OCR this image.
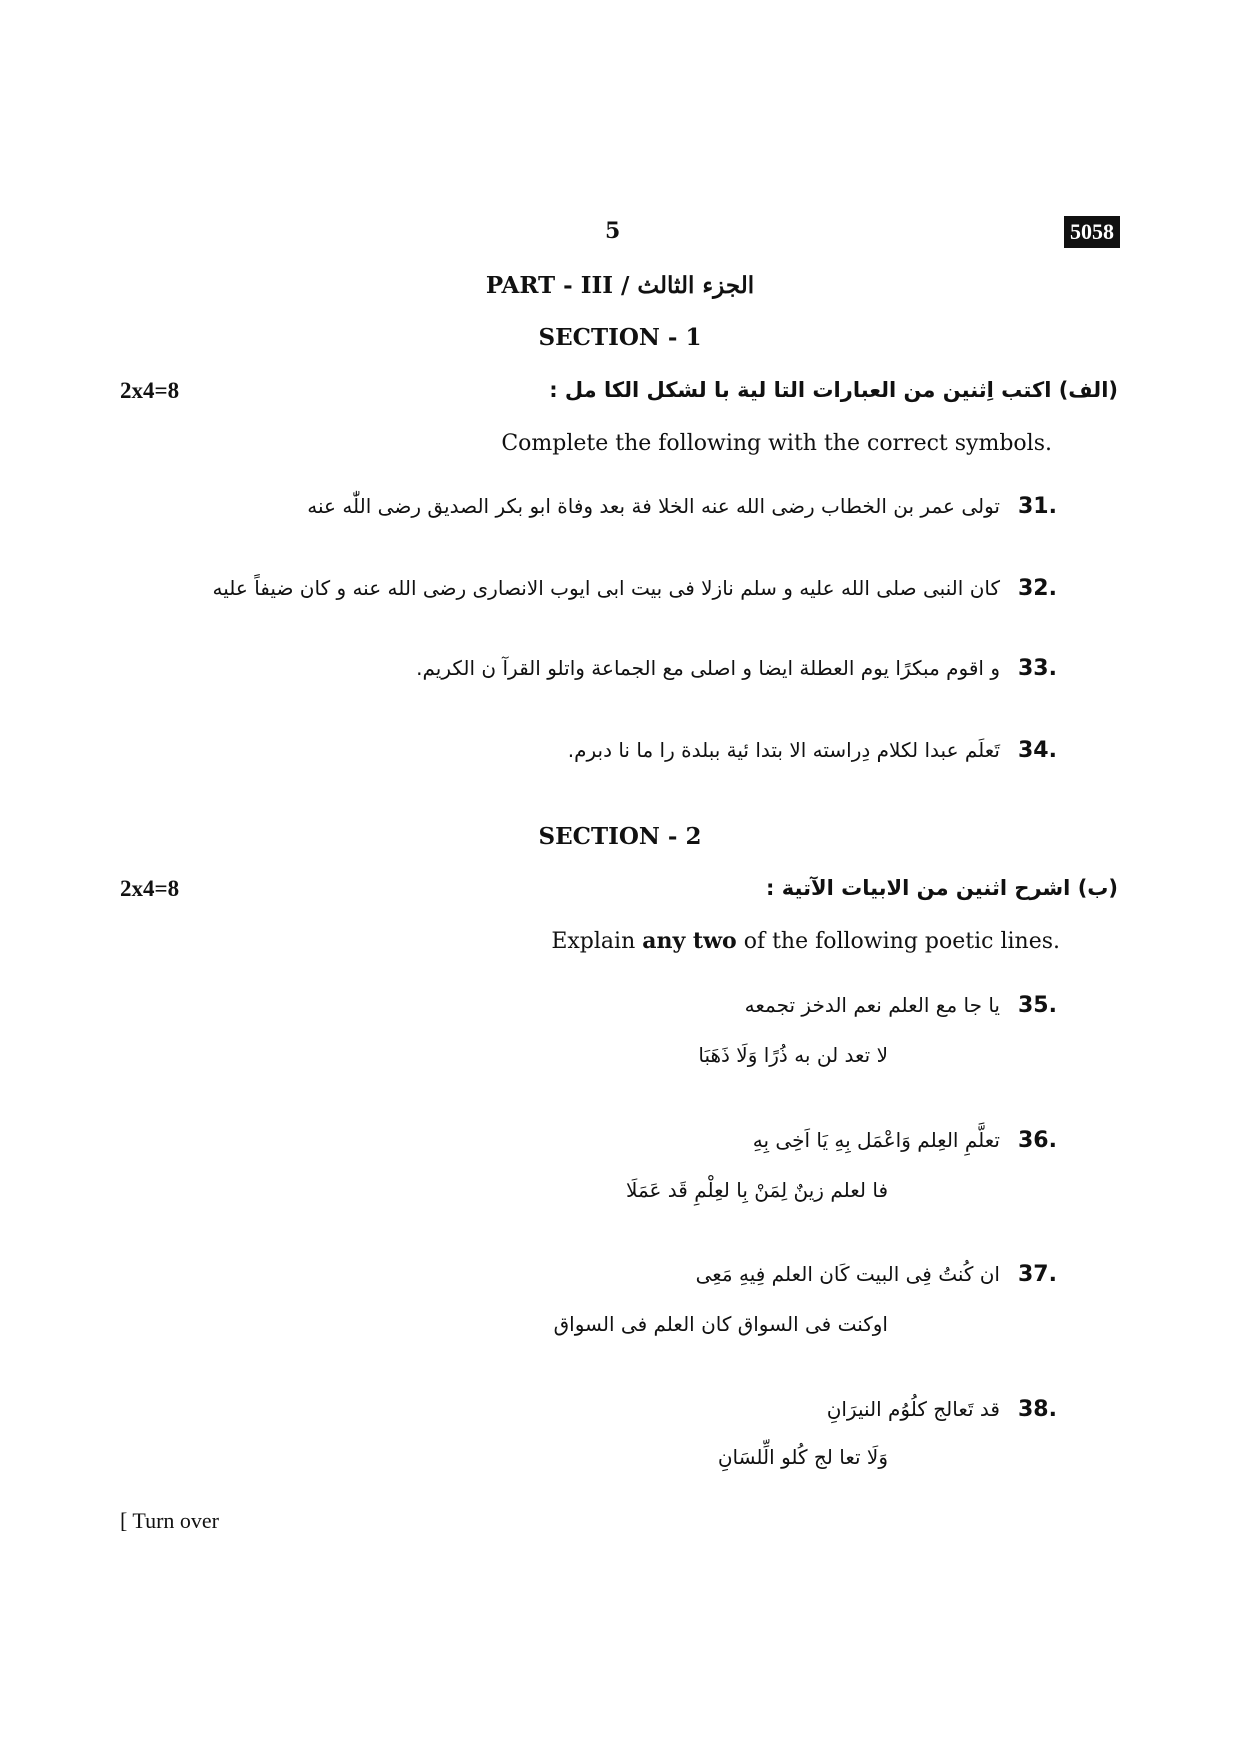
5	5058
PART - III / الجزء الثالث
SECTION - 1
2x4=8	(الف) اكتب اِثنين من العبارات التا لية با لشكل الكا مل :
Complete the following with the correct symbols.
31.
تولى عمر بن الخطاب رضى الله عنه الخلا فة بعد وفاة ابو بكر الصديق رضى اللّٰه عنه
32.
كان النبى صلى الله عليه و سلم نازلا فى بيت ابى ايوب الانصارى رضى الله عنه و كان ضيفاً عليه
33.
و اقوم مبكرًا يوم العطلة ايضا و اصلى مع الجماعة واتلو القرآ ن الكريم.
34.
تَعلَم عبدا لكلام دِراسته الا بتدا ئية ببلدة را ما نا دبرم.
SECTION - 2
2x4=8	(ب) اشرح اثنين من الابيات الآتية :
Explain any two of the following poetic lines.
35.
يا جا مع العلم نعم الدخز تجمعه
لا تعد لن به ذُرًا وَلَا ذَهَبَا
36.
تعلَّمِ العِلم وَاعْمَل بِهِ يَا اَخِى بِهِ
فا لعلم زينٌ لِمَنْ بِا لعِلْمِ قَد عَمَلَا
37.
ان كُنتُ فِى البيت كَان العلم فِيهِ مَعِى
اوكنت فى السواق كان العلم فى السواق
38.
قد تَعالج كلُوُم النيرَانِ
وَلَا تعا لج كُلو الِّلسَانِ
[ Turn over
